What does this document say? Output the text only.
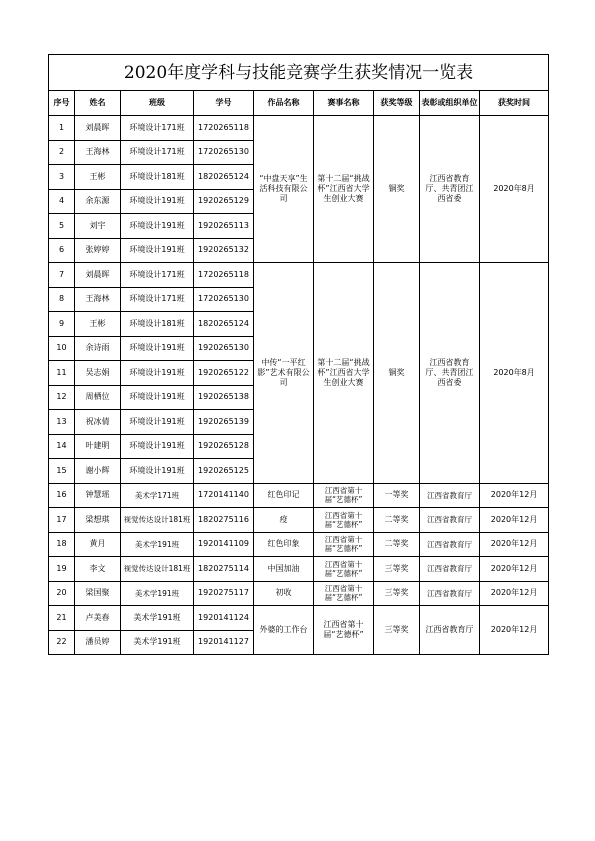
2020年度学科与技能竞赛学生获奖情况一览表								
序号	姓名	班级	学号	作品名称	赛事名称	获奖等级	表彰或组织单位	获奖时间
1	刘晨晖	环境设计171班	1720265118	“中盘天享”生活科技有限公司	第十二届“挑战杯”江西省大学生创业大赛	铜奖	江西省教育厅、共青团江西省委	2020年8月
2	王海林	环境设计171班	1720265130					
3	王彬	环境设计181班	1820265124					
4	余东源	环境设计191班	1920265129					
5	刘宇	环境设计191班	1920265113					
6	张婷婷	环境设计191班	1920265132					
7	刘晨晖	环境设计171班	1720265118	中传“一平红影”艺术有限公司	第十二届“挑战杯”江西省大学生创业大赛	铜奖	江西省教育厅、共青团江西省委	2020年8月
8	王海林	环境设计171班	1720265130					
9	王彬	环境设计181班	1820265124					
10	余诗雨	环境设计191班	1920265130					
11	吴志娟	环境设计191班	1920265122					
12	周栖位	环境设计191班	1920265138					
13	祝冰倩	环境设计191班	1920265139					
14	叶建明	环境设计191班	1920265128					
15	谢小辉	环境设计191班	1920265125					
16	钟慧瑶	美术学171班	1720141140	红色印记	江西省第十届“艺德杯”	一等奖	江西省教育厅	2020年12月
17	梁想琪	视觉传达设计181班	1820275116	疫	江西省第十届“艺德杯”	二等奖	江西省教育厅	2020年12月
18	黄月	美术学191班	1920141109	红色印象	江西省第十届“艺德杯”	二等奖	江西省教育厅	2020年12月
19	李文	视觉传达设计181班	1820275114	中国加油	江西省第十届“艺德杯”	三等奖	江西省教育厅	2020年12月
20	梁国聚	美术学191班	1920275117	初收	江西省第十届“艺德杯”	三等奖	江西省教育厅	2020年12月
21	卢美春	美术学191班	1920141124	外婆的工作台	江西省第十届“艺德杯”	三等奖	江西省教育厅	2020年12月
22	潘员婷	美术学191班	1920141127					
